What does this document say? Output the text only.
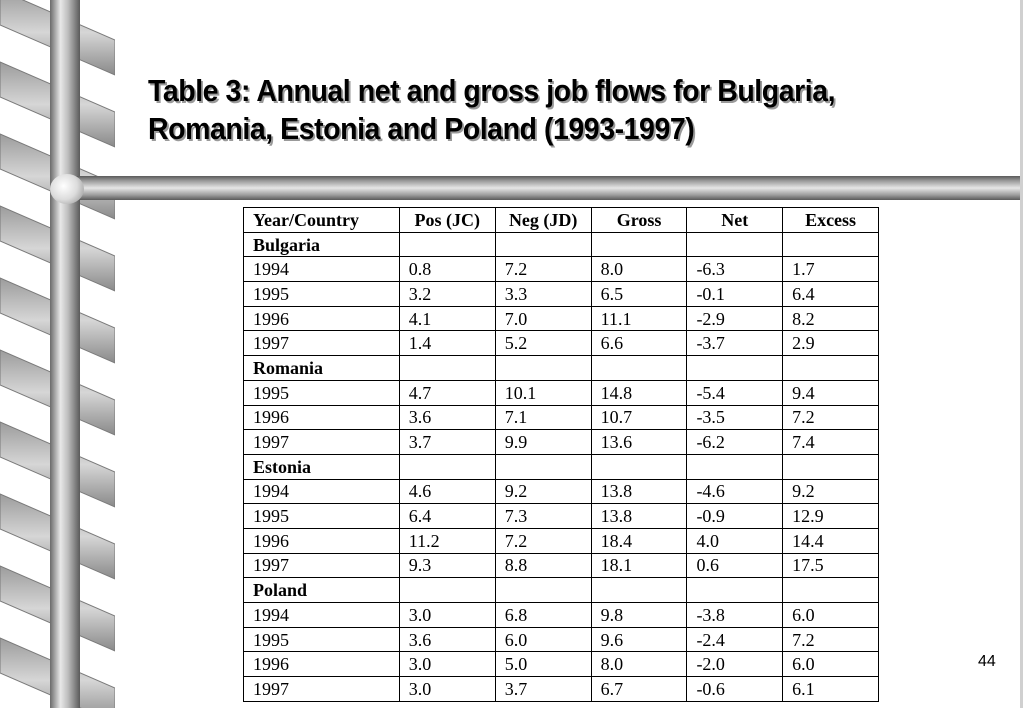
Table 3: Annual net and gross job flows for Bulgaria,
Romania, Estonia and Poland (1993-1997)
Year/Country	Pos (JC)	Neg (JD)	Gross	Net	Excess
Bulgaria					
1994	0.8	7.2	8.0	-6.3	1.7
1995	3.2	3.3	6.5	-0.1	6.4
1996	4.1	7.0	11.1	-2.9	8.2
1997	1.4	5.2	6.6	-3.7	2.9
Romania					
1995	4.7	10.1	14.8	-5.4	9.4
1996	3.6	7.1	10.7	-3.5	7.2
1997	3.7	9.9	13.6	-6.2	7.4
Estonia					
1994	4.6	9.2	13.8	-4.6	9.2
1995	6.4	7.3	13.8	-0.9	12.9
1996	11.2	7.2	18.4	4.0	14.4
1997	9.3	8.8	18.1	0.6	17.5
Poland					
1994	3.0	6.8	9.8	-3.8	6.0
1995	3.6	6.0	9.6	-2.4	7.2
1996	3.0	5.0	8.0	-2.0	6.0
1997	3.0	3.7	6.7	-0.6	6.1
44
